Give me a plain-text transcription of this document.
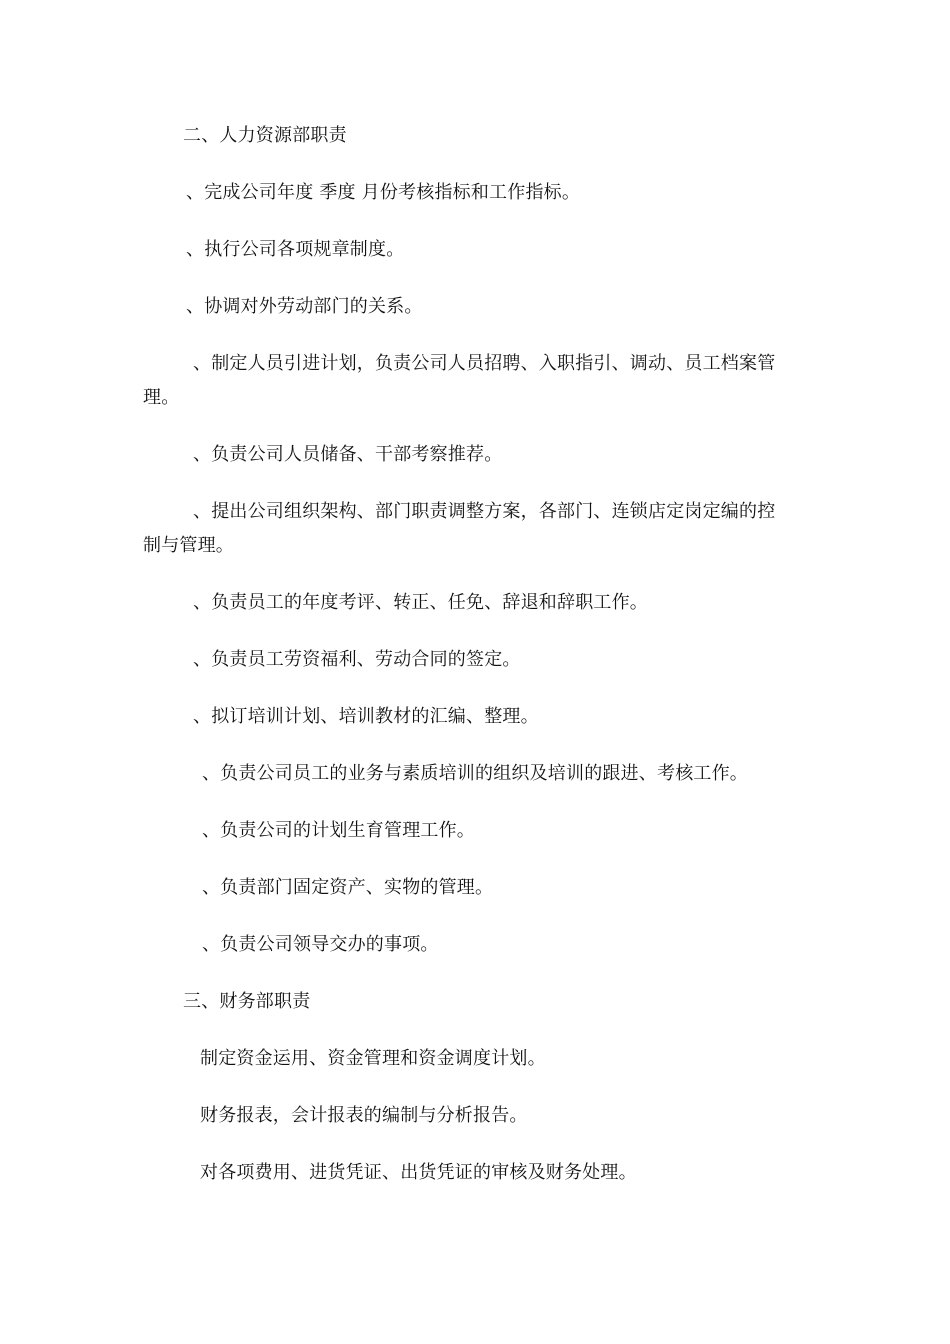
二、人力资源部职责
、完成公司年度 季度 月份考核指标和工作指标。
、执行公司各项规章制度。
、协调对外劳动部门的关系。
、制定人员引进计划，负责公司人员招聘、入职指引、调动、员工档案管
理。
、负责公司人员储备、干部考察推荐。
、提出公司组织架构、部门职责调整方案，各部门、连锁店定岗定编的控
制与管理。
、负责员工的年度考评、转正、任免、辞退和辞职工作。
、负责员工劳资福利、劳动合同的签定。
、拟订培训计划、培训教材的汇编、整理。
、负责公司员工的业务与素质培训的组织及培训的跟进、考核工作。
、负责公司的计划生育管理工作。
、负责部门固定资产、实物的管理。
、负责公司领导交办的事项。
三、财务部职责
制定资金运用、资金管理和资金调度计划。
财务报表，会计报表的编制与分析报告。
对各项费用、进货凭证、出货凭证的审核及财务处理。
